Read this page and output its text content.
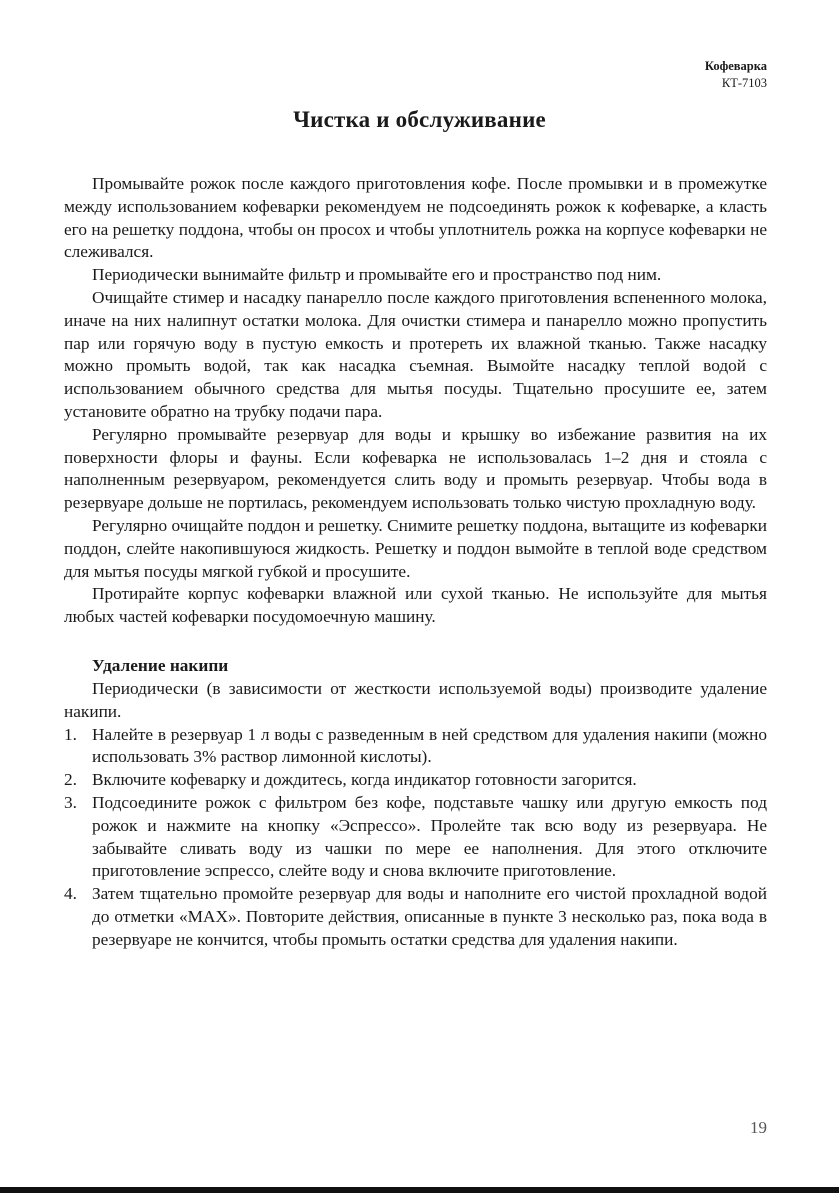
Кофеварка
КТ-7103
Чистка и обслуживание

Промывайте рожок после каждого приготовления кофе. После промывки и в промежутке между использованием кофеварки рекомендуем не подсоединять рожок к кофеварке, а класть его на решетку поддона, чтобы он просох и чтобы уплотнитель рожка на корпусе кофеварки не слеживался.

Периодически вынимайте фильтр и промывайте его и пространство под ним.

Очищайте стимер и насадку панарелло после каждого приготовления вспененного молока, иначе на них налипнут остатки молока. Для очистки стимера и панарелло можно пропустить пар или горячую воду в пустую емкость и протереть их влажной тканью. Также насадку можно промыть водой, так как насадка съемная. Вымойте насадку теплой водой с использованием обычного средства для мытья посуды. Тщательно просушите ее, затем установите обратно на трубку подачи пара.

Регулярно промывайте резервуар для воды и крышку во избежание развития на их поверхности флоры и фауны. Если кофеварка не использовалась 1–2 дня и стояла с наполненным резервуаром, рекомендуется слить воду и промыть резервуар. Чтобы вода в резервуаре дольше не портилась, рекомендуем использовать только чистую прохладную воду.

Регулярно очищайте поддон и решетку. Снимите решетку поддона, вытащите из кофеварки поддон, слейте накопившуюся жидкость. Решетку и поддон вымойте в теплой воде средством для мытья посуды мягкой губкой и просушите.

Протирайте корпус кофеварки влажной или сухой тканью. Не используйте для мытья любых частей кофеварки посудомоечную машину.

Удаление накипи

Периодически (в зависимости от жесткости используемой воды) производите удаление накипи.

1. Налейте в резервуар 1 л воды с разведенным в ней средством для удаления накипи (можно использовать 3% раствор лимонной кислоты).
2. Включите кофеварку и дождитесь, когда индикатор готовности загорится.
3. Подсоедините рожок с фильтром без кофе, подставьте чашку или другую емкость под рожок и нажмите на кнопку «Эспрессо». Пролейте так всю воду из резервуара. Не забывайте сливать воду из чашки по мере ее наполнения. Для этого отключите приготовление эспрессо, слейте воду и снова включите приготовление.
4. Затем тщательно промойте резервуар для воды и наполните его чистой прохладной водой до отметки «MAX». Повторите действия, описанные в пункте 3 несколько раз, пока вода в резервуаре не кончится, чтобы промыть остатки средства для удаления накипи.
19
